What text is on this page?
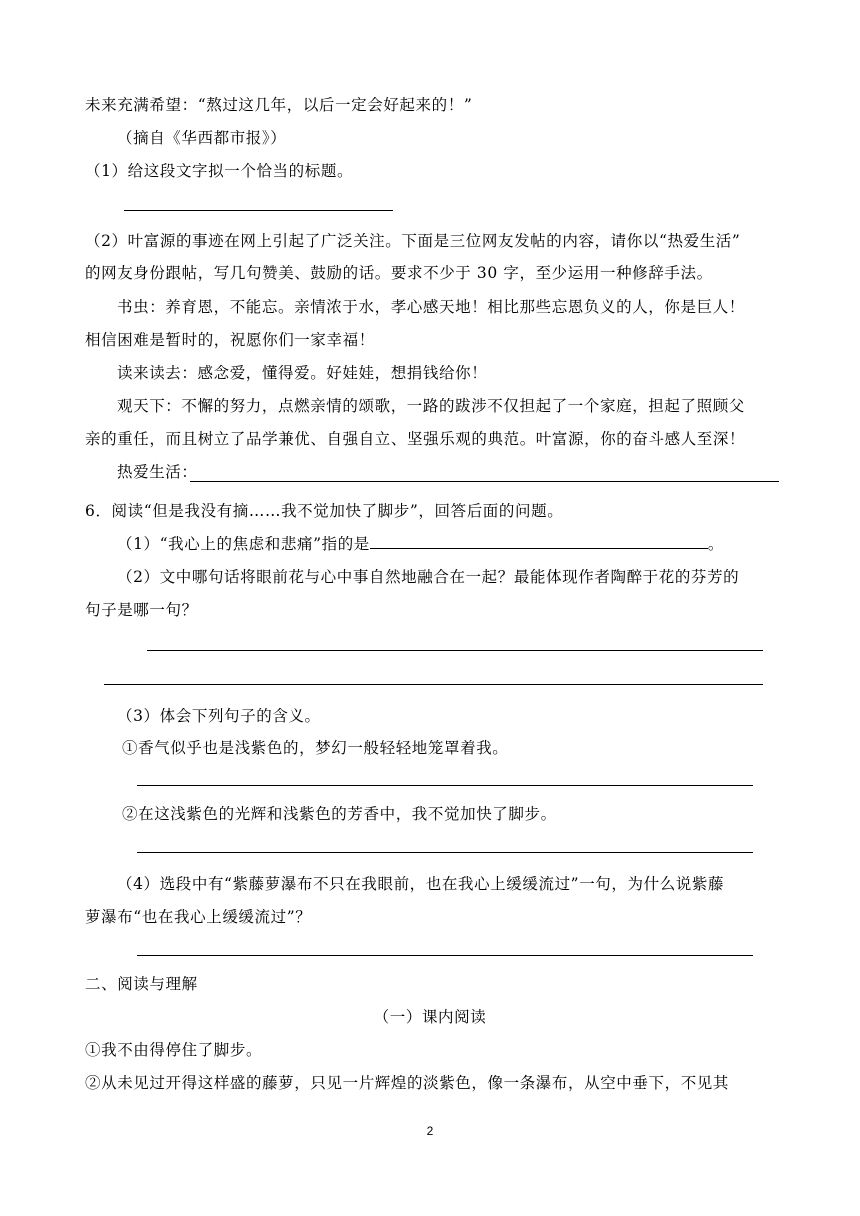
未来充满希望：“熬过这几年，以后一定会好起来的！”
（摘自《华西都市报》）
（1）给这段文字拟一个恰当的标题。
（2）叶富源的事迹在网上引起了广泛关注。下面是三位网友发帖的内容，请你以“热爱生活”
的网友身份跟帖，写几句赞美、鼓励的话。要求不少于 30 字，至少运用一种修辞手法。
书虫：养育恩，不能忘。亲情浓于水，孝心感天地！相比那些忘恩负义的人，你是巨人！
相信困难是暂时的，祝愿你们一家幸福！
读来读去：感念爱，懂得爱。好娃娃，想捐钱给你！
观天下：不懈的努力，点燃亲情的颂歌，一路的跋涉不仅担起了一个家庭，担起了照顾父
亲的重任，而且树立了品学兼优、自强自立、坚强乐观的典范。叶富源，你的奋斗感人至深！
热爱生活：
6．阅读“但是我没有摘……我不觉加快了脚步”，回答后面的问题。
（1）“我心上的焦虑和悲痛”指的是	。
（2）文中哪句话将眼前花与心中事自然地融合在一起？最能体现作者陶醉于花的芬芳的
句子是哪一句？
（3）体会下列句子的含义。
①香气似乎也是浅紫色的，梦幻一般轻轻地笼罩着我。
②在这浅紫色的光辉和浅紫色的芳香中，我不觉加快了脚步。
（4）选段中有“紫藤萝瀑布不只在我眼前，也在我心上缓缓流过”一句，为什么说紫藤
萝瀑布“也在我心上缓缓流过”？
二、阅读与理解
（一）课内阅读
①我不由得停住了脚步。
②从未见过开得这样盛的藤萝，只见一片辉煌的淡紫色，像一条瀑布，从空中垂下，不见其
2
